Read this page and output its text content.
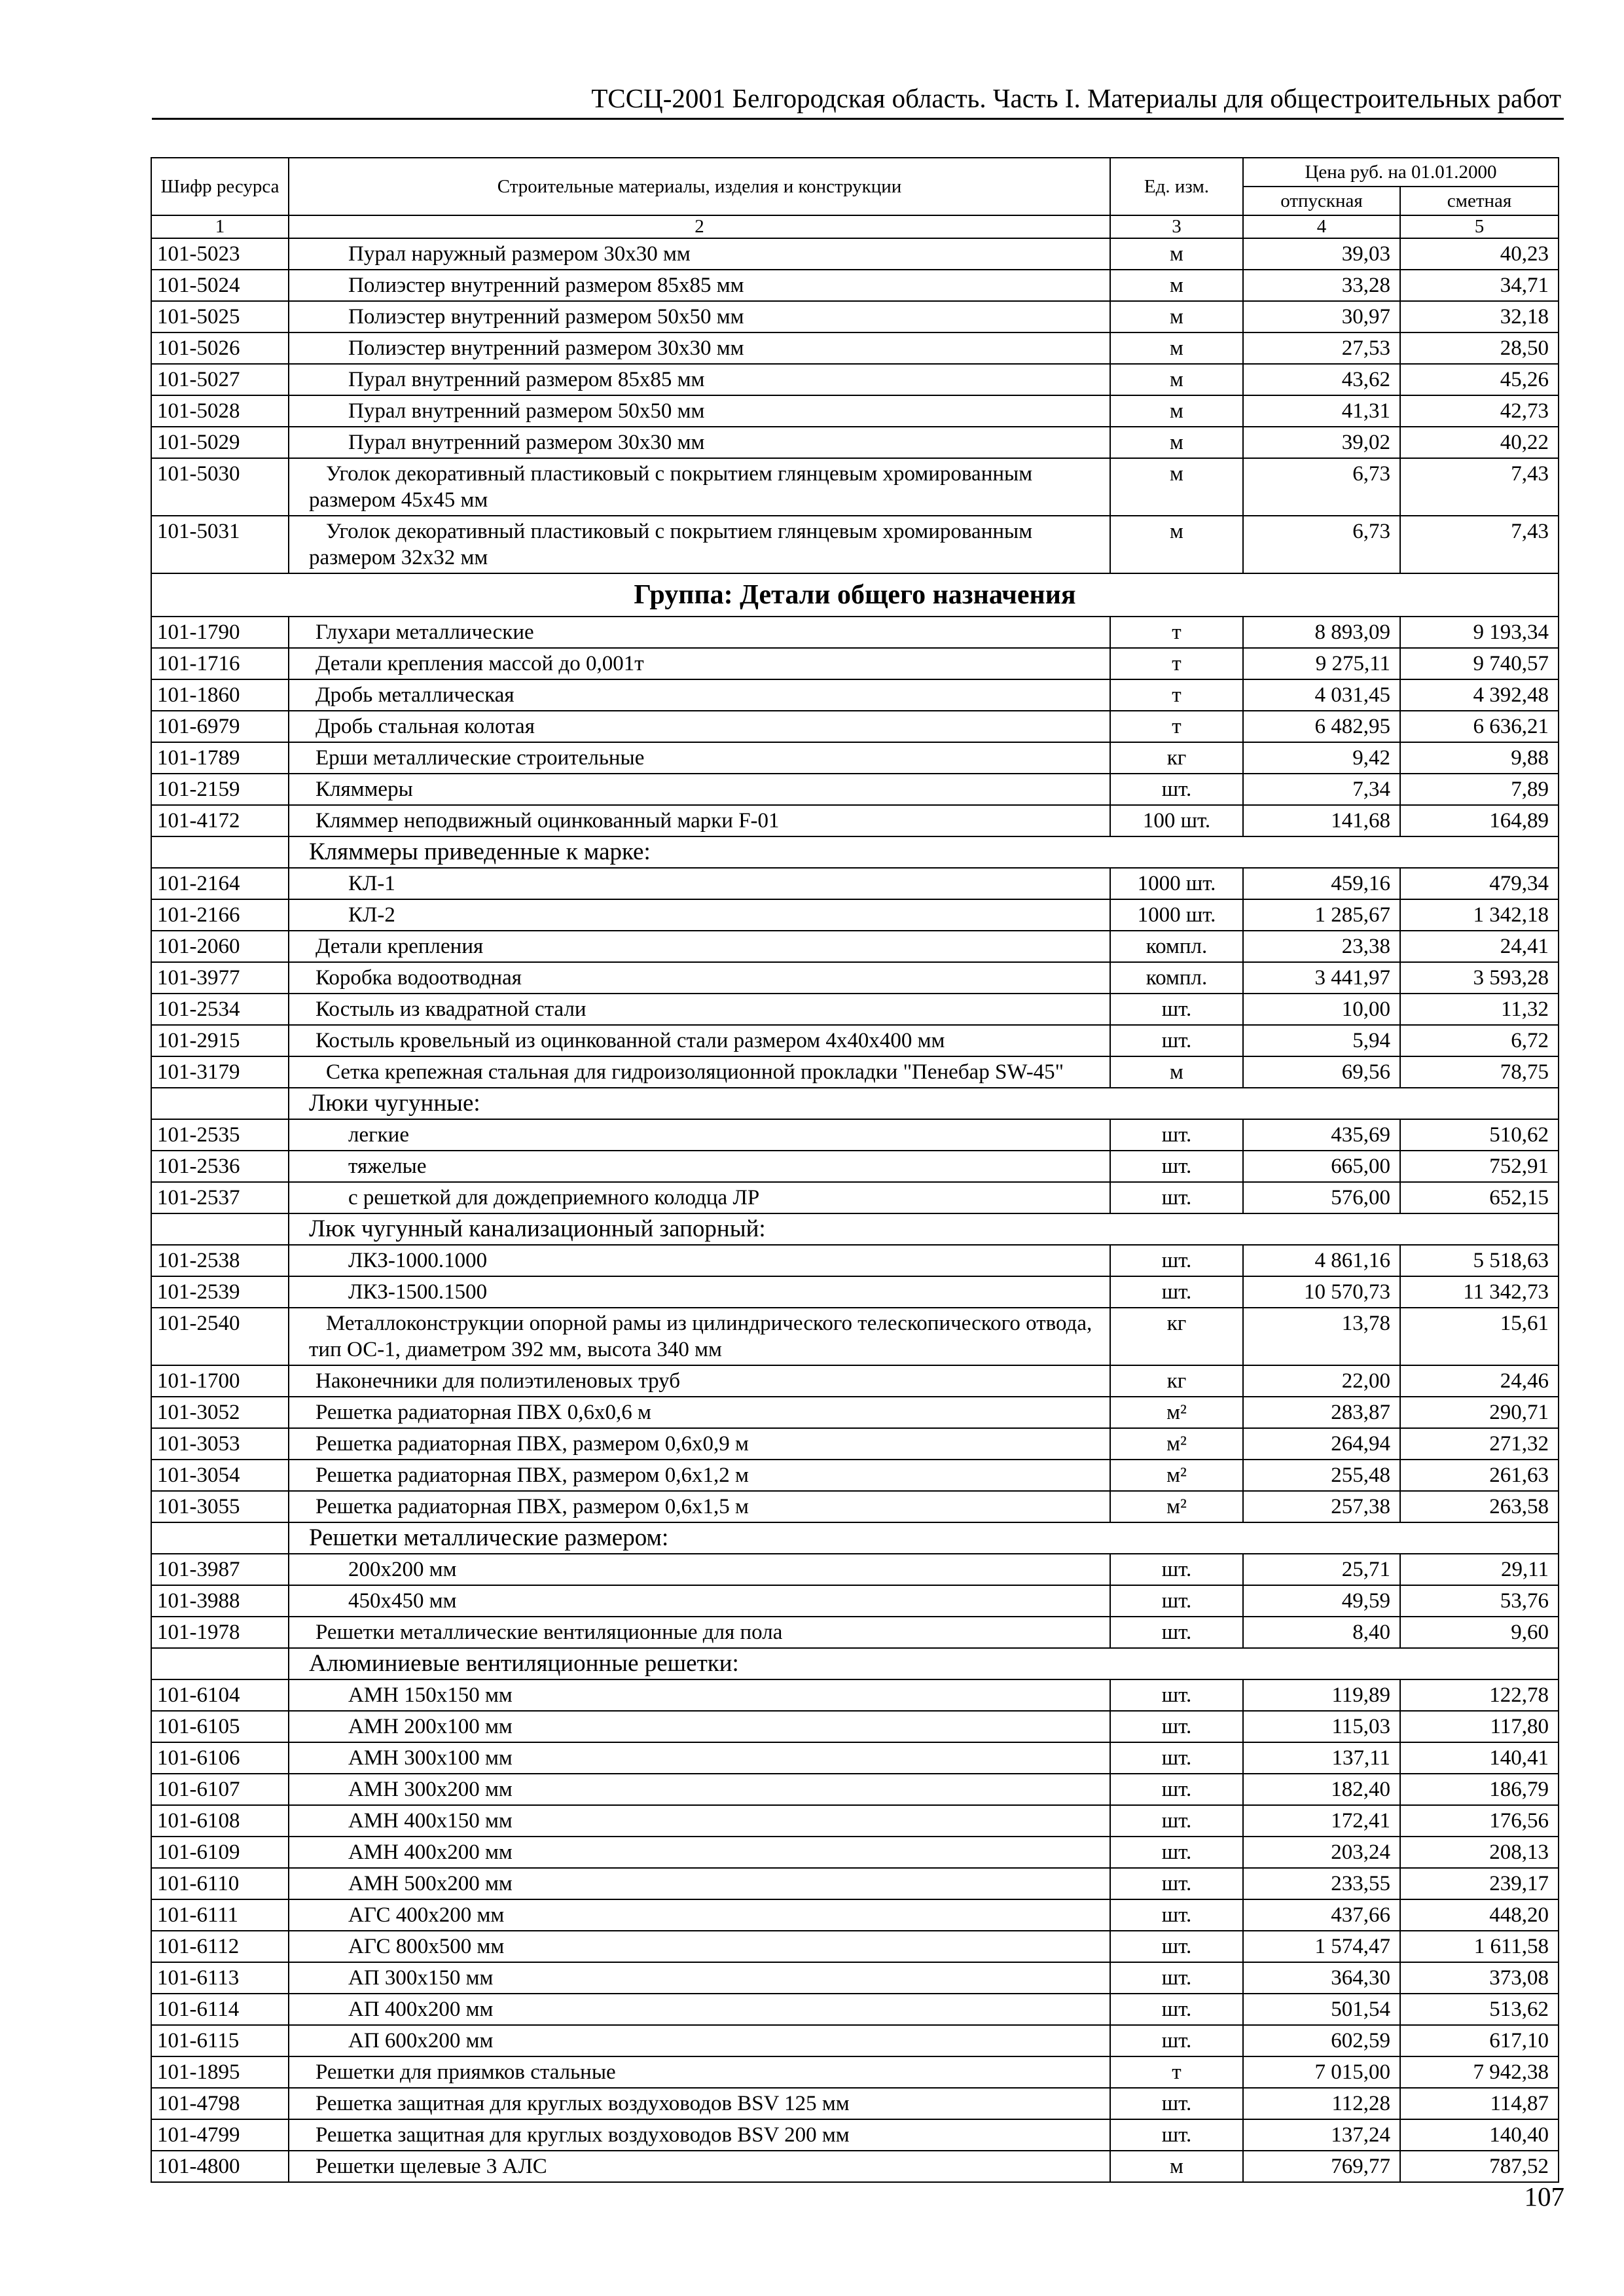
ТССЦ-2001 Белгородская область. Часть I. Материалы для общестроительных работ
Шифр ресурса	Строительные материалы, изделия и конструкции	Ед. изм.	Цена руб. на 01.01.2000	
			отпускная	сметная
1	2	3	4	5
101-5023	Пурал наружный размером 30х30 мм	м	39,03	40,23
101-5024	Полиэстер внутренний размером 85х85 мм	м	33,28	34,71
101-5025	Полиэстер внутренний размером 50х50 мм	м	30,97	32,18
101-5026	Полиэстер внутренний размером 30х30 мм	м	27,53	28,50
101-5027	Пурал внутренний размером 85х85 мм	м	43,62	45,26
101-5028	Пурал внутренний размером 50х50 мм	м	41,31	42,73
101-5029	Пурал внутренний размером 30х30 мм	м	39,02	40,22
101-5030	Уголок декоративный пластиковый с покрытием глянцевым хромированным размером 45х45 мм	м	6,73	7,43
101-5031	Уголок декоративный пластиковый с покрытием глянцевым хромированным размером 32х32 мм	м	6,73	7,43
Группа: Детали общего назначения				
101-1790	Глухари металлические	т	8 893,09	9 193,34
101-1716	Детали крепления массой до 0,001т	т	9 275,11	9 740,57
101-1860	Дробь металлическая	т	4 031,45	4 392,48
101-6979	Дробь стальная колотая	т	6 482,95	6 636,21
101-1789	Ерши металлические строительные	кг	9,42	9,88
101-2159	Кляммеры	шт.	7,34	7,89
101-4172	Кляммер неподвижный оцинкованный марки F-01	100 шт.	141,68	164,89
	Кляммеры приведенные к марке:			
101-2164	КЛ-1	1000 шт.	459,16	479,34
101-2166	КЛ-2	1000 шт.	1 285,67	1 342,18
101-2060	Детали крепления	компл.	23,38	24,41
101-3977	Коробка водоотводная	компл.	3 441,97	3 593,28
101-2534	Костыль из квадратной стали	шт.	10,00	11,32
101-2915	Костыль кровельный из оцинкованной стали размером 4х40х400 мм	шт.	5,94	6,72
101-3179	Сетка крепежная стальная для гидроизоляционной прокладки "Пенебар SW-45"	м	69,56	78,75
	Люки чугунные:			
101-2535	легкие	шт.	435,69	510,62
101-2536	тяжелые	шт.	665,00	752,91
101-2537	с решеткой для дождеприемного колодца ЛР	шт.	576,00	652,15
	Люк чугунный канализационный запорный:			
101-2538	ЛКЗ-1000.1000	шт.	4 861,16	5 518,63
101-2539	ЛКЗ-1500.1500	шт.	10 570,73	11 342,73
101-2540	Металлоконструкции опорной рамы из цилиндрического телескопического отвода, тип ОС-1, диаметром 392 мм, высота 340 мм	кг	13,78	15,61
101-1700	Наконечники для полиэтиленовых труб	кг	22,00	24,46
101-3052	Решетка радиаторная ПВХ 0,6х0,6 м	м²	283,87	290,71
101-3053	Решетка радиаторная ПВХ, размером 0,6х0,9 м	м²	264,94	271,32
101-3054	Решетка радиаторная ПВХ, размером 0,6х1,2 м	м²	255,48	261,63
101-3055	Решетка радиаторная ПВХ, размером 0,6х1,5 м	м²	257,38	263,58
	Решетки металлические размером:			
101-3987	200х200 мм	шт.	25,71	29,11
101-3988	450х450 мм	шт.	49,59	53,76
101-1978	Решетки металлические вентиляционные для пола	шт.	8,40	9,60
	Алюминиевые вентиляционные решетки:			
101-6104	АМН 150х150 мм	шт.	119,89	122,78
101-6105	АМН 200х100 мм	шт.	115,03	117,80
101-6106	АМН 300х100 мм	шт.	137,11	140,41
101-6107	АМН 300х200 мм	шт.	182,40	186,79
101-6108	АМН 400х150 мм	шт.	172,41	176,56
101-6109	АМН 400х200 мм	шт.	203,24	208,13
101-6110	АМН 500х200 мм	шт.	233,55	239,17
101-6111	АГС 400х200 мм	шт.	437,66	448,20
101-6112	АГС 800х500 мм	шт.	1 574,47	1 611,58
101-6113	АП 300х150 мм	шт.	364,30	373,08
101-6114	АП 400х200 мм	шт.	501,54	513,62
101-6115	АП 600х200 мм	шт.	602,59	617,10
101-1895	Решетки для приямков стальные	т	7 015,00	7 942,38
101-4798	Решетка защитная для круглых воздуховодов BSV 125 мм	шт.	112,28	114,87
101-4799	Решетка защитная для круглых воздуховодов BSV 200 мм	шт.	137,24	140,40
101-4800	Решетки щелевые 3 АЛС	м	769,77	787,52
107
